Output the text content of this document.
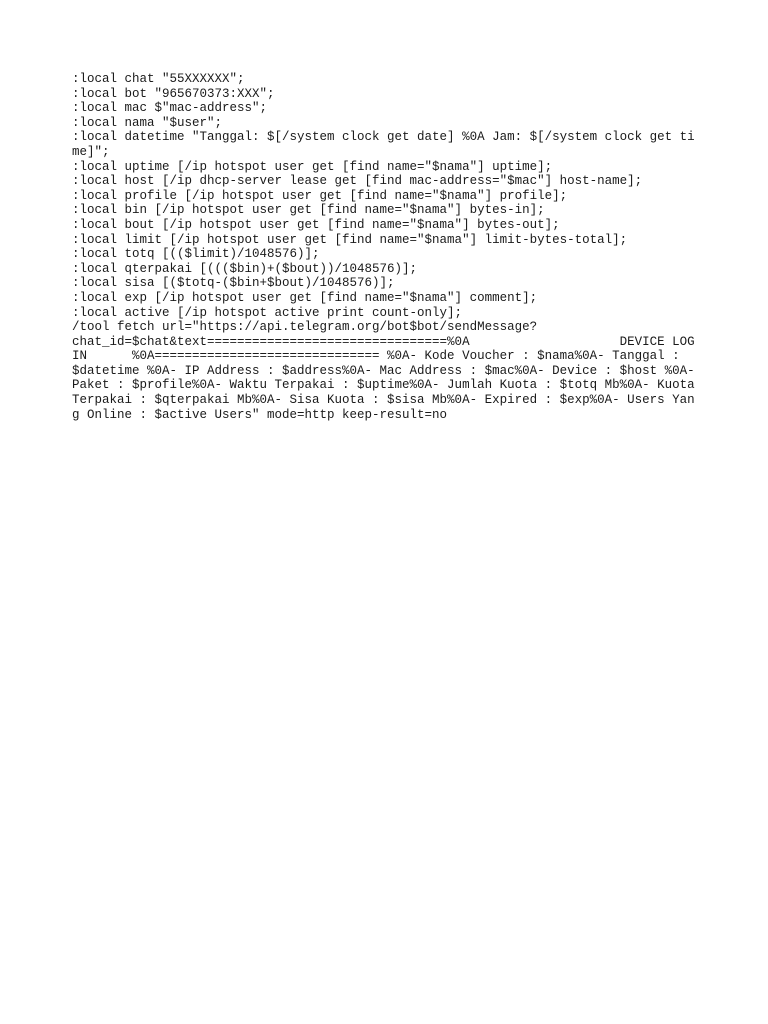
:local chat "55XXXXXX";
:local bot "965670373:XXX";
:local mac $"mac-address";
:local nama "$user";
:local datetime "Tanggal: $[/system clock get date] %0A Jam: $[/system clock get time]";
:local uptime [/ip hotspot user get [find name="$nama"] uptime];
:local host [/ip dhcp-server lease get [find mac-address="$mac"] host-name];
:local profile [/ip hotspot user get [find name="$nama"] profile];
:local bin [/ip hotspot user get [find name="$nama"] bytes-in];
:local bout [/ip hotspot user get [find name="$nama"] bytes-out];
:local limit [/ip hotspot user get [find name="$nama"] limit-bytes-total];
:local totq [(($limit)/1048576)];
:local qterpakai [((($bin)+($bout))/1048576)];
:local sisa [($totq-($bin+$bout)/1048576)];
:local exp [/ip hotspot user get [find name="$nama"] comment];
:local active [/ip hotspot active print count-only];
/tool fetch url="https://api.telegram.org/bot$bot/sendMessage?
chat_id=$chat&text================================%0A                    DEVICE LOGIN      %0A============================== %0A- Kode Voucher : $nama%0A- Tanggal : $datetime %0A- IP Address : $address%0A- Mac Address : $mac%0A- Device : $host %0A- Paket : $profile%0A- Waktu Terpakai : $uptime%0A- Jumlah Kuota : $totq Mb%0A- Kuota Terpakai : $qterpakai Mb%0A- Sisa Kuota : $sisa Mb%0A- Expired : $exp%0A- Users Yang Online : $active Users" mode=http keep-result=no
